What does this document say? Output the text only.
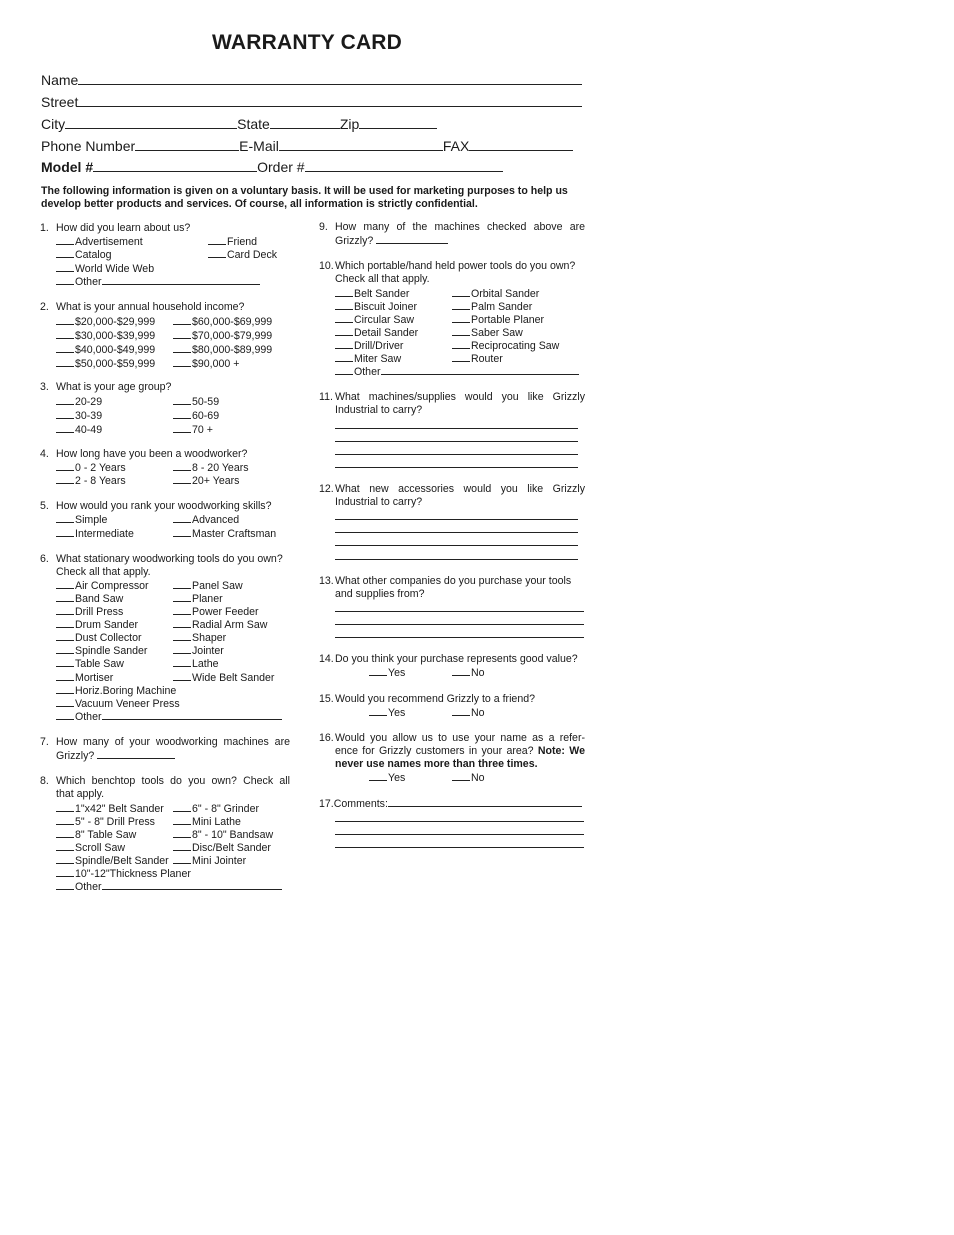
WARRANTY CARD
Name
Street
City	State	Zip
Phone Number	E-Mail	FAX
Model #	Order #
The following information is given on a voluntary basis. It will be used for marketing purposes to help us develop better products and services. Of course, all information is strictly confidential.
1. How did you learn about us?
Advertisement	Friend
Catalog	Card Deck
World Wide Web
Other
2. What is your annual household income?
$20,000-$29,999	$60,000-$69,999
$30,000-$39,999	$70,000-$79,999
$40,000-$49,999	$80,000-$89,999
$50,000-$59,999	$90,000 +
3. What is your age group?
20-29	50-59
30-39	60-69
40-49	70 +
4. How long have you been a woodworker?
0 - 2 Years	8 - 20 Years
2 - 8 Years	20+ Years
5. How would you rank your woodworking skills?
Simple	Advanced
Intermediate	Master Craftsman
6. What stationary woodworking tools do you own?
Check all that apply.
Air Compressor	Panel Saw
Band Saw	Planer
Drill Press	Power Feeder
Drum Sander	Radial Arm Saw
Dust Collector	Shaper
Spindle Sander	Jointer
Table Saw	Lathe
Mortiser	Wide Belt Sander
Horiz.Boring Machine
Vacuum Veneer Press
Other
7. How many of your woodworking machines are
Grizzly?
8. Which benchtop tools do you own? Check all
that apply.
1"x42" Belt Sander	6" - 8" Grinder
5" - 8" Drill Press	Mini Lathe
8" Table Saw	8" - 10" Bandsaw
Scroll Saw	Disc/Belt Sander
Spindle/Belt Sander	Mini Jointer
10"-12"Thickness Planer
Other
9. How many of the machines checked above are
Grizzly?
10. Which portable/hand held power tools do you own?
Check all that apply.
Belt Sander	Orbital Sander
Biscuit Joiner	Palm Sander
Circular Saw	Portable Planer
Detail Sander	Saber Saw
Drill/Driver	Reciprocating Saw
Miter Saw	Router
Other
11. What machines/supplies would you like Grizzly
Industrial to carry?
12. What new accessories would you like Grizzly
Industrial to carry?
13. What other companies do you purchase your tools
and supplies from?
14. Do you think your purchase represents good value?
Yes	No
15. Would you recommend Grizzly to a friend?
Yes	No
16. Would you allow us to use your name as a refer-
ence for Grizzly customers in your area? Note: We
never use names more than three times.
Yes	No
17.Comments:
